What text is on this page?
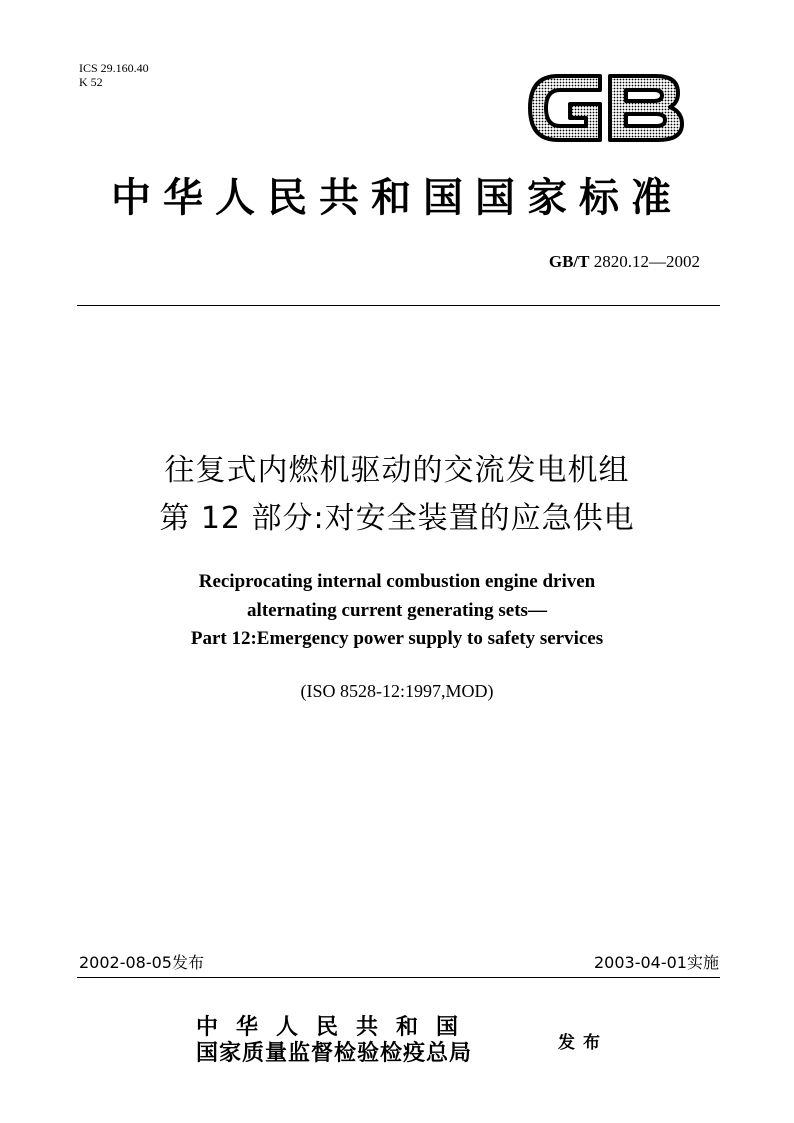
ICS 29.160.40
K 52
中华人民共和国国家标准
GB/T 2820.12—2002
往复式内燃机驱动的交流发电机组
第 12 部分:对安全装置的应急供电
Reciprocating internal combustion engine driven
alternating current generating sets—
Part 12:Emergency power supply to safety services
(ISO 8528-12:1997,MOD)
2002-08-05发布	2003-04-01实施
中华人民共和国
国家质量监督检验检疫总局	发布
